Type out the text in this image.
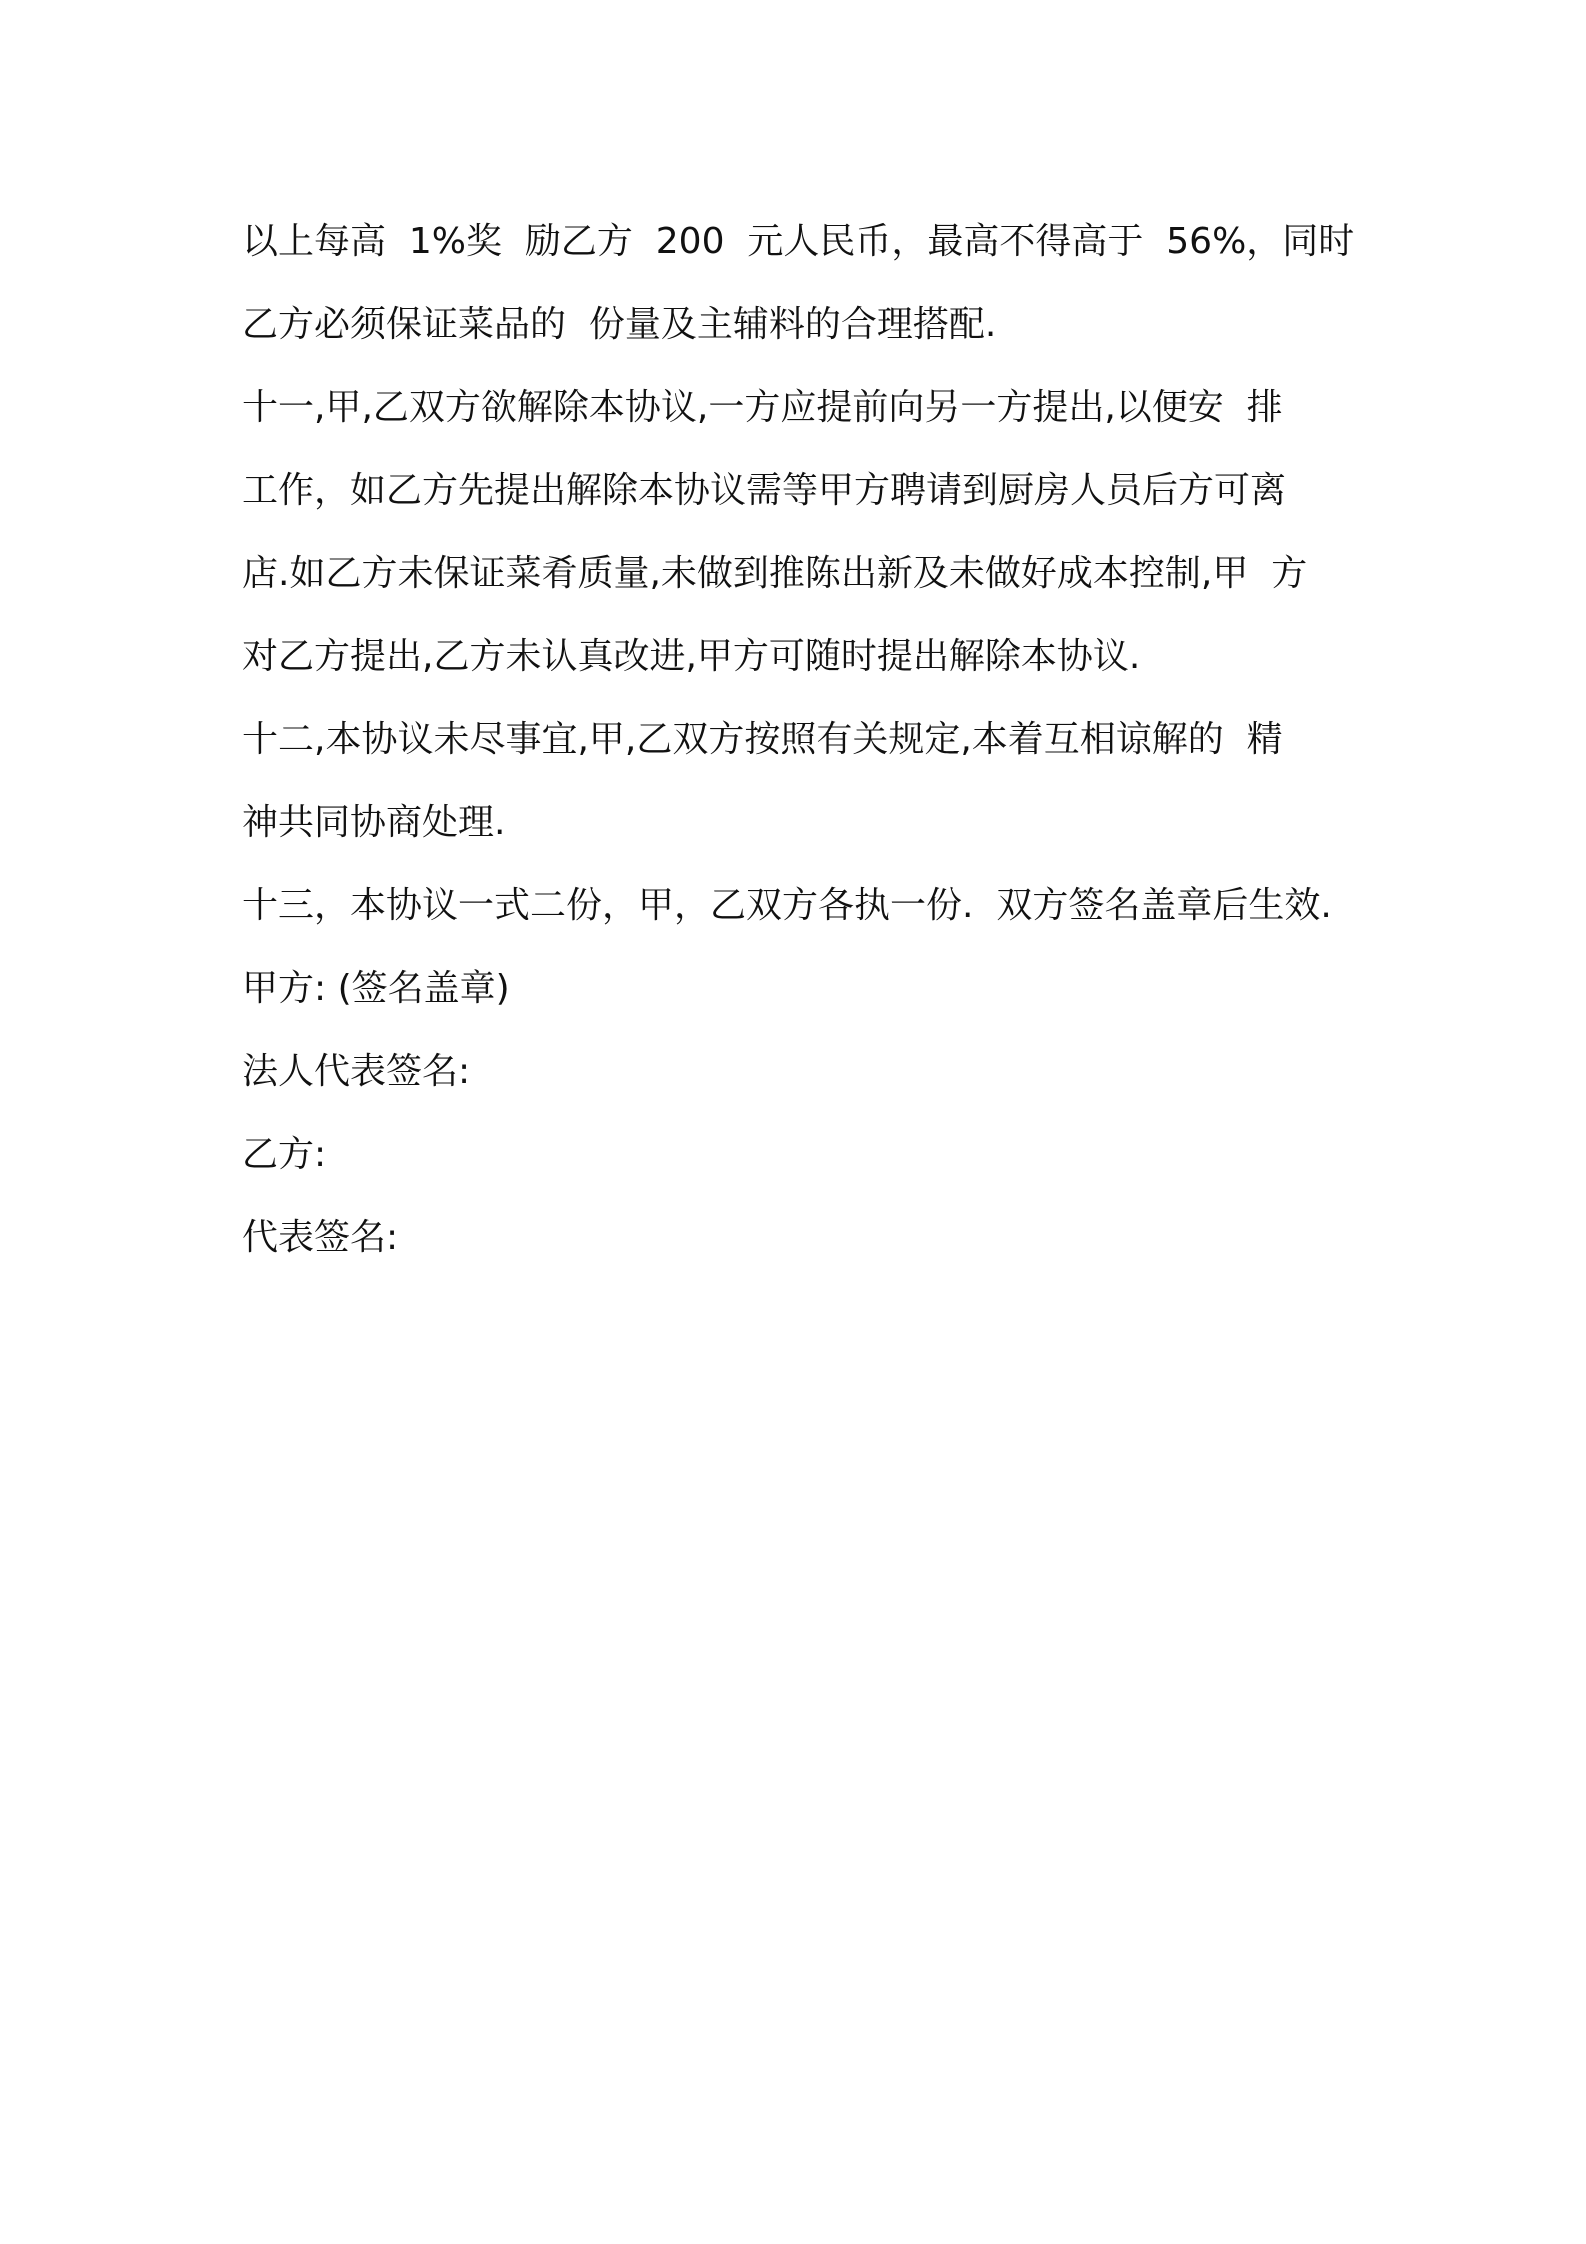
以上每高  1%奖  励乙方  200  元人民币，最高不得高于  56%，同时
乙方必须保证菜品的  份量及主辅料的合理搭配.
十一,甲,乙双方欲解除本协议,一方应提前向另一方提出,以便安  排
工作，如乙方先提出解除本协议需等甲方聘请到厨房人员后方可离
店.如乙方未保证菜肴质量,未做到推陈出新及未做好成本控制,甲  方
对乙方提出,乙方未认真改进,甲方可随时提出解除本协议.
十二,本协议未尽事宜,甲,乙双方按照有关规定,本着互相谅解的  精
神共同协商处理.
十三，本协议一式二份，甲，乙双方各执一份.  双方签名盖章后生效.
甲方: (签名盖章)
法人代表签名:
乙方:
代表签名:
